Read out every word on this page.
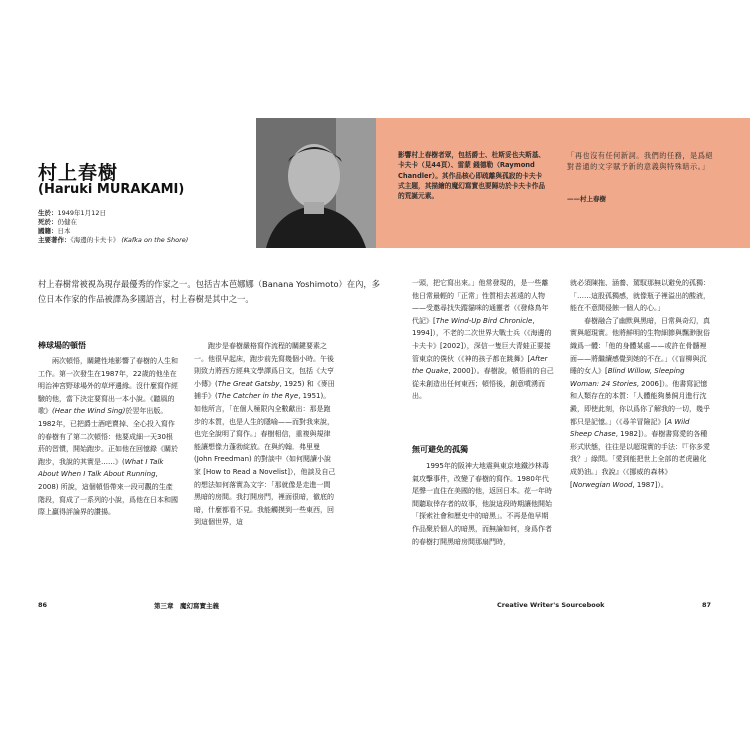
村上春樹
(Haruki MURAKAMI)
生於：1949年1月12日
死於：仍健在
國籍：日本
主要著作：《海邊的卡夫卡》 (Kafka on the Shore)
影響村上春樹者眾，包括爵士、杜斯妥也夫斯基、卡夫卡（見44頁）、雷蒙 錢德勒（Raymond Chandler）。其作品核心即疏離與孤寂的卡夫卡式主題，其描繪的魔幻寫實也要歸功於卡夫卡作品的荒誕元素。
「再也沒有任何新詞。我們的任務，是爲絕對普通的文字賦予新的意義與特殊暗示。」
——村上春樹
村上春樹常被視為現存最優秀的作家之一。包括吉本芭娜娜（Banana Yoshimoto）在內，多位日本作家的作品被譯為多國語言，村上春樹是其中之一。
棒球場的頓悟

兩次頓悟，關鍵性地影響了春樹的人生和工作。第一次發生在1987年，22歲的他坐在明治神宮野球場外的草坪邊緣。沒什麼寫作經驗的他，當下決定要寫出一本小說。《聽風的歌》(Hear the Wind Sing)於翌年出版。1982年，已把爵士酒吧賣掉、全心投入寫作的春樹有了第二次頓悟：他要成細一天30根菸的習慣，開始跑步。正如他在回憶錄《關於跑步，我說的其實是……》(What I Talk About When I Talk About Running, 2008) 所說，這個頓悟帶來一段可觀的生產階段，寫成了一系列的小說，爲他在日本和國際上贏得評論界的讚揚。

跑步是春樹嚴格寫作流程的關鍵要素之一。他很早起床，跑步前先寫幾個小時。午後則致力將西方經典文學譯爲日文，包括《大亨小傳》(The Great Gatsby, 1925) 和《麥田捕手》(The Catcher in the Rye, 1951)。如他所言，「在個人極限內全數獻出：那是跑步的本質，也是人生的隱喻——而對我來說，也完全說明了寫作。」春樹相信，重複與規律能讓想像力蓬勃綻放。在與約翰．弗里曼 (John Freedman) 的對談中（如何閱讀小說家 [How to Read a Novelist]），他談及自己的想法如何落實為文字：「那就像是走進一間黑暗的房間。我打開房門，裡面很暗，徹底的暗，什麼都看不見。我能觸摸到一些東西，回到這個世界，這

一頭，把它寫出來。」他常發現的，是一些離他日常最輕的「正常」性質相去甚遠的人物——受邀尋找失蹤貓咪的通靈者（《發條鳥年代記》[The Wind-Up Bird Chronicle, 1994]），不老的二次世界大戰士兵（《海邊的卡夫卡》[2002]），深信一隻巨大青蛙正要接管東京的僕伙（《神的孩子都在跳舞》[After the Quake, 2000]）。春樹說，頓悟前的自己從未創造出任何東西；頓悟後，創意噴湧而出。

無可避免的孤獨

1995年的阪神大地震與東京地鐵沙林毒氣攻擊事件，改變了春樹的寫作。1980年代尾聲一直住在美國的他，返回日本。花一年時間聽取倖存者的故事，他說這段時期讓他開始「探索社會和歷史中的暗黑」。不再是他早期作品聚於個人的暗黑，而無論如何，身爲作者的春樹打開黑暗房間那扇門時，

就必須陳拖、涵養、駕馭那無以避免的孤獨：「……這股孤獨感，就像瓶子裡溢出的酸液，能在不意間侵蝕一個人的心。」

春樹融合了幽默與黑暗，日常與奇幻，真實與超現實。他將鮮明的生物細節與飄渺脫俗織爲一體：「他的身體某處——或許在骨髓裡面——將繼續感覺到她的不在。」（《盲柳與沉睡的女人》[Blind Willow, Sleeping Woman: 24 Stories, 2006]）。他書寫記憶和人類存在的本質：「人體能夠暴飼月進行沈澱，即使此刻，你以爲你了解我的一切，幾乎都只是記憶。」（《尋羊冒險記》[A Wild Sheep Chase, 1982]）。春樹書寫愛的各種形式狀態，往往是以超現實的手法：『「你多愛我？」綠問。「愛到能把世上全部的老虎融化成奶油。」我說』（《挪威的森林》[Norwegian Wood, 1987]）。

86	第三章　魔幻寫實主義	Creative Writer's Sourcebook	87
